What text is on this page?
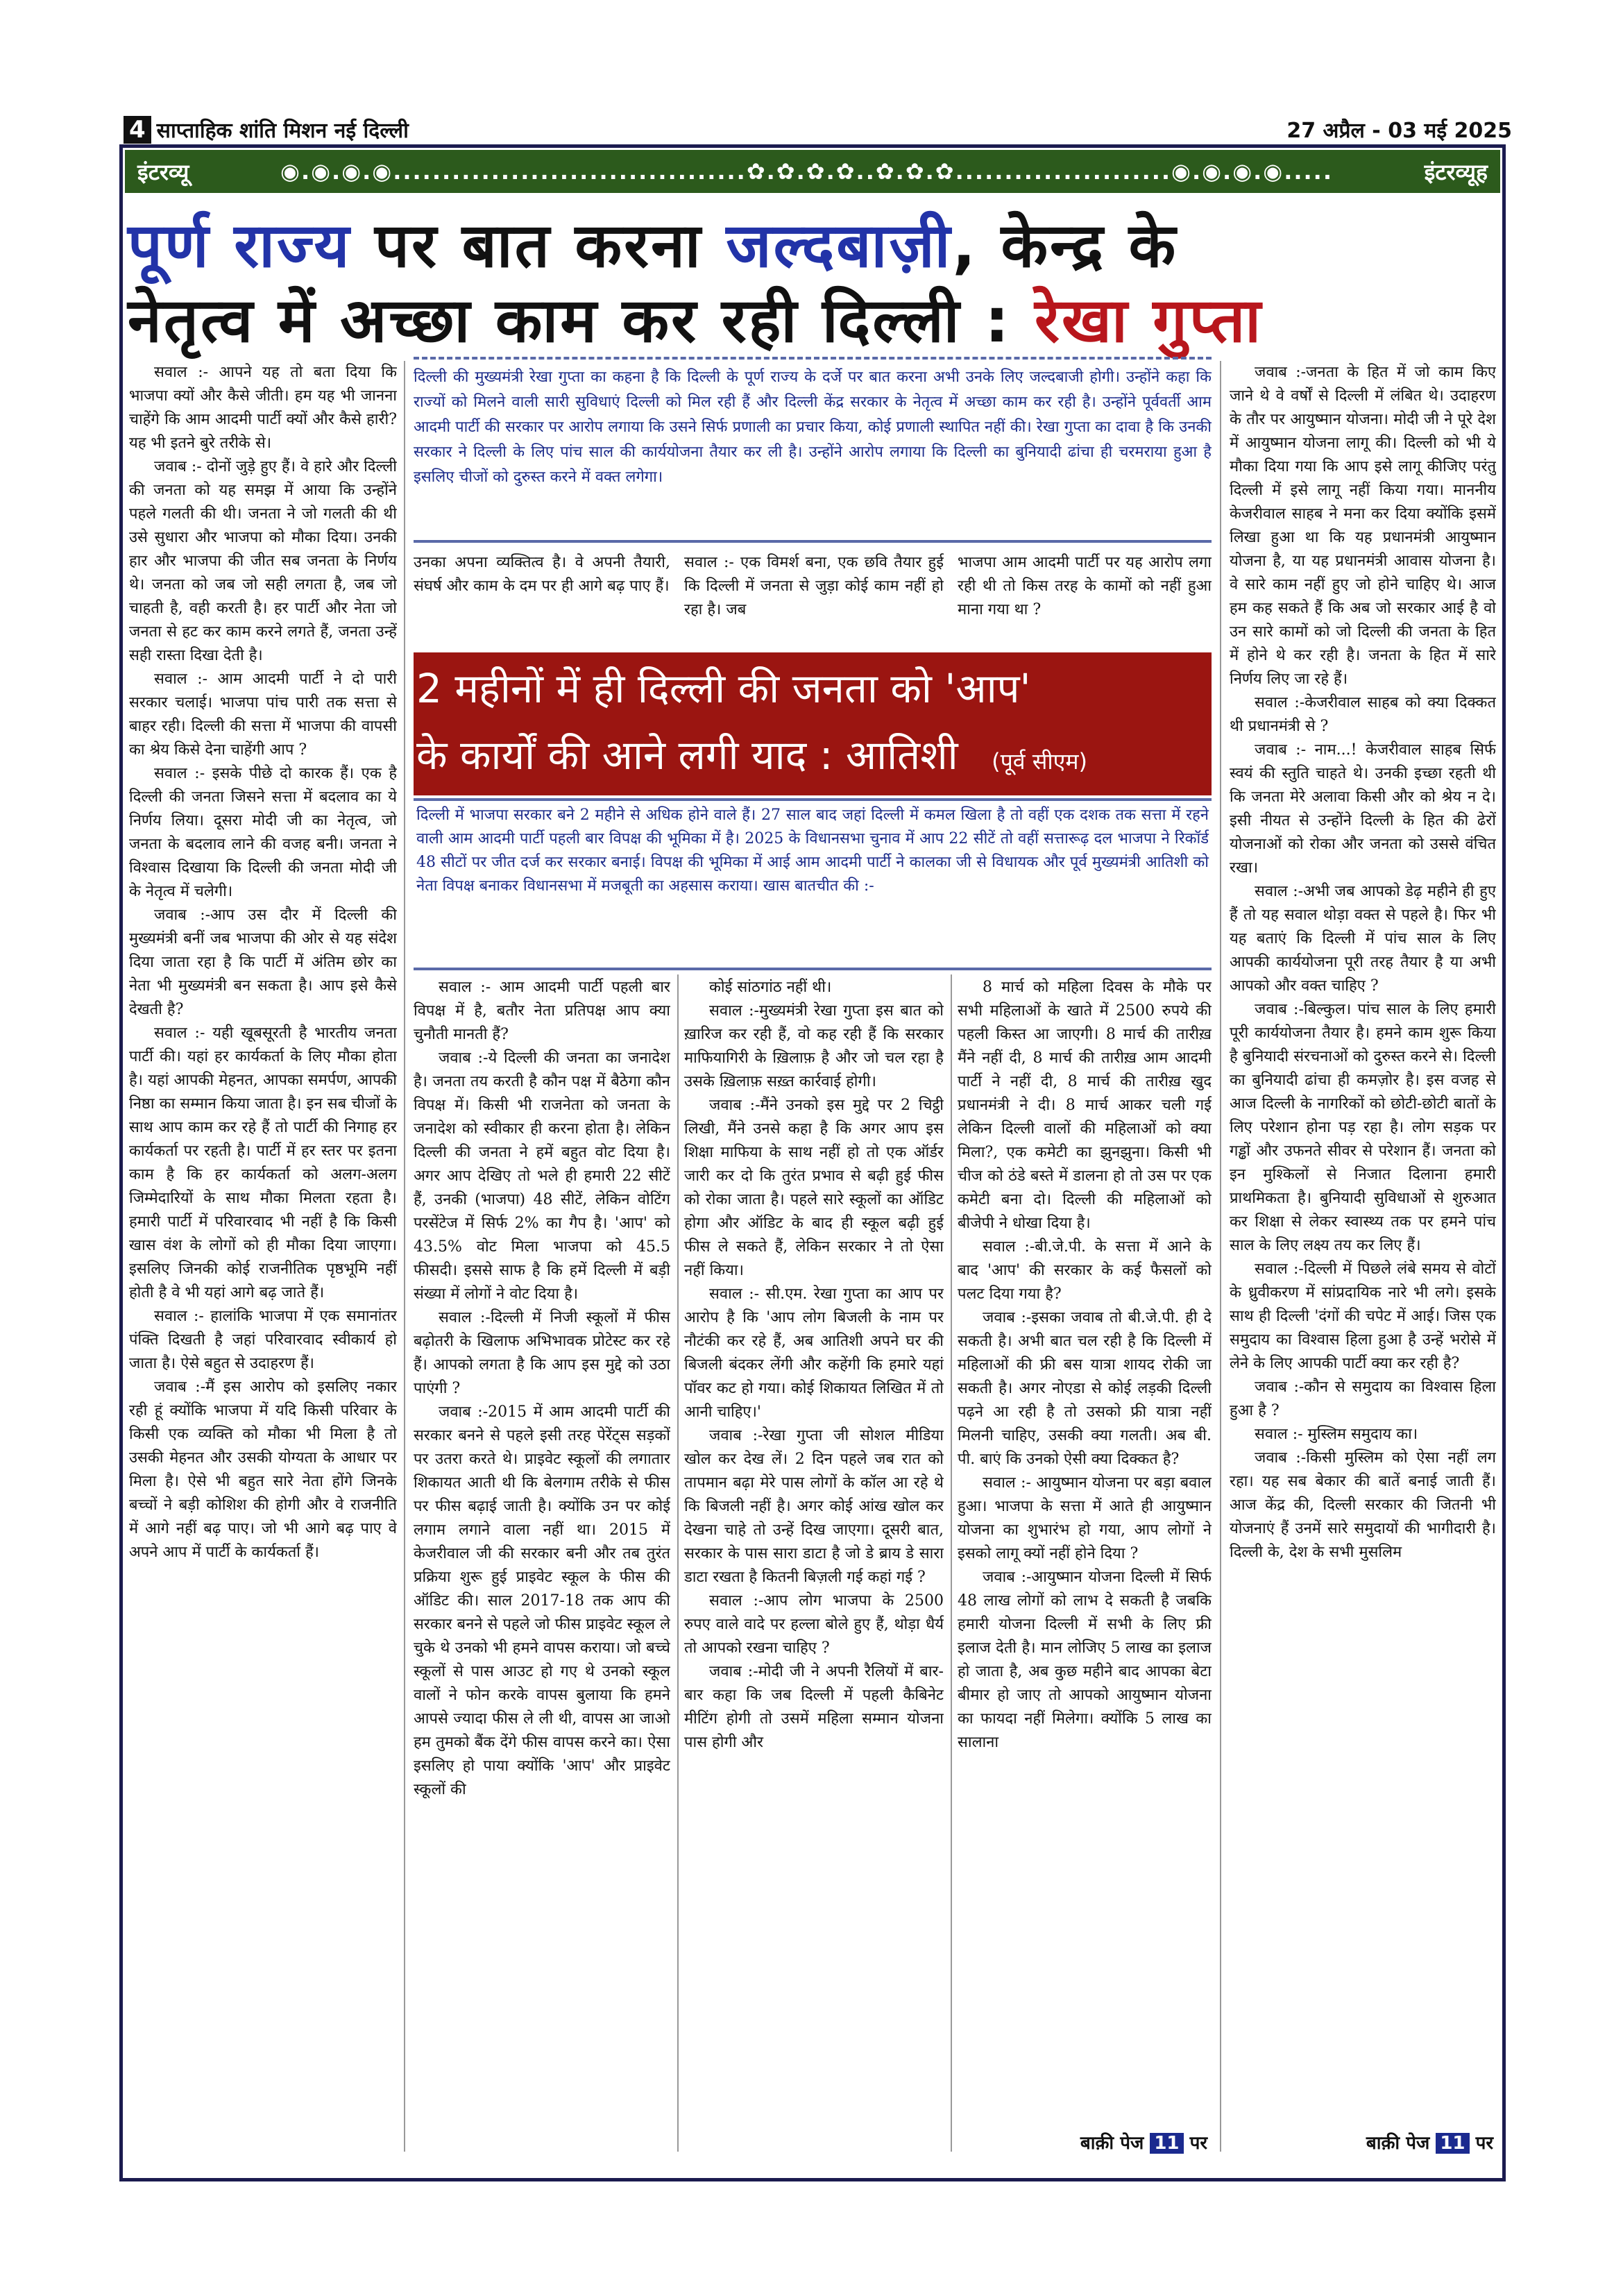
4 साप्ताहिक शांति मिशन नई दिल्ली	27 अप्रैल - 03 मई 2025
इंटरव्यू	◉.◉.◉.◉....................................✿.✿.✿.✿..✿.✿.✿......................◉.◉.◉.◉.....	इंटरव्यूह
पूर्ण राज्य पर बात करना जल्दबाज़ी, केन्द्र के
नेतृत्व में अच्छा काम कर रही दिल्ली : रेखा गुप्ता

सवाल :- आपने यह तो बता दिया कि भाजपा क्यों और कैसे जीती। हम यह भी जानना चाहेंगे कि आम आदमी पार्टी क्यों और कैसे हारी? यह भी इतने बुरे तरीके से।

जवाब :- दोनों जुड़े हुए हैं। वे हारे और दिल्ली की जनता को यह समझ में आया कि उन्होंने पहले गलती की थी। जनता ने जो गलती की थी उसे सुधारा और भाजपा को मौका दिया। उनकी हार और भाजपा की जीत सब जनता के निर्णय थे। जनता को जब जो सही लगता है, जब जो चाहती है, वही करती है। हर पार्टी और नेता जो जनता से हट कर काम करने लगते हैं, जनता उन्हें सही रास्ता दिखा देती है।

सवाल :- आम आदमी पार्टी ने दो पारी सरकार चलाई। भाजपा पांच पारी तक सत्ता से बाहर रही। दिल्ली की सत्ता में भाजपा की वापसी का श्रेय किसे देना चाहेंगी आप ?

सवाल :- इसके पीछे दो कारक हैं। एक है दिल्ली की जनता जिसने सत्ता में बदलाव का ये निर्णय लिया। दूसरा मोदी जी का नेतृत्व, जो जनता के बदलाव लाने की वजह बनी। जनता ने विश्वास दिखाया कि दिल्ली की जनता मोदी जी के नेतृत्व में चलेगी।

जवाब :-आप उस दौर में दिल्ली की मुख्यमंत्री बनीं जब भाजपा की ओर से यह संदेश दिया जाता रहा है कि पार्टी में अंतिम छोर का नेता भी मुख्यमंत्री बन सकता है। आप इसे कैसे देखती है?

सवाल :- यही खूबसूरती है भारतीय जनता पार्टी की। यहां हर कार्यकर्ता के लिए मौका होता है। यहां आपकी मेहनत, आपका समर्पण, आपकी निष्ठा का सम्मान किया जाता है। इन सब चीजों के साथ आप काम कर रहे हैं तो पार्टी की निगाह हर कार्यकर्ता पर रहती है। पार्टी में हर स्तर पर इतना काम है कि हर कार्यकर्ता को अलग-अलग जिम्मेदारियों के साथ मौका मिलता रहता है। हमारी पार्टी में परिवारवाद भी नहीं है कि किसी खास वंश के लोगों को ही मौका दिया जाएगा। इसलिए जिनकी कोई राजनीतिक पृष्ठभूमि नहीं होती है वे भी यहां आगे बढ़ जाते हैं।

सवाल :- हालांकि भाजपा में एक समानांतर पंक्ति दिखती है जहां परिवारवाद स्वीकार्य हो जाता है। ऐसे बहुत से उदाहरण हैं।

जवाब :-मैं इस आरोप को इसलिए नकार रही हूं क्योंकि भाजपा में यदि किसी परिवार के किसी एक व्यक्ति को मौका भी मिला है तो उसकी मेहनत और उसकी योग्यता के आधार पर मिला है। ऐसे भी बहुत सारे नेता होंगे जिनके बच्चों ने बड़ी कोशिश की होगी और वे राजनीति में आगे नहीं बढ़ पाए। जो भी आगे बढ़ पाए वे अपने आप में पार्टी के कार्यकर्ता हैं।

दिल्ली की मुख्यमंत्री रेखा गुप्ता का कहना है कि दिल्ली के पूर्ण राज्य के दर्जे पर बात करना अभी उनके लिए जल्दबाजी होगी। उन्होंने कहा कि राज्यों को मिलने वाली सारी सुविधाएं दिल्ली को मिल रही हैं और दिल्ली केंद्र सरकार के नेतृत्व में अच्छा काम कर रही है। उन्होंने पूर्ववर्ती आम आदमी पार्टी की सरकार पर आरोप लगाया कि उसने सिर्फ प्रणाली का प्रचार किया, कोई प्रणाली स्थापित नहीं की। रेखा गुप्ता का दावा है कि उनकी सरकार ने दिल्ली के लिए पांच साल की कार्ययोजना तैयार कर ली है। उन्होंने आरोप लगाया कि दिल्ली का बुनियादी ढांचा ही चरमराया हुआ है इसलिए चीजों को दुरुस्त करने में वक्त लगेगा।
उनका अपना व्यक्तित्व है। वे अपनी तैयारी, संघर्ष और काम के दम पर ही आगे बढ़ पाए हैं।
सवाल :- एक विमर्श बना, एक छवि तैयार हुई कि दिल्ली में जनता से जुड़ा कोई काम नहीं हो रहा है। जब
भाजपा आम आदमी पार्टी पर यह आरोप लगा रही थी तो किस तरह के कामों को नहीं हुआ माना गया था ?
2 महीनों में ही दिल्ली की जनता को 'आप'
के कार्यों की आने लगी याद : आतिशी (पूर्व सीएम)
दिल्ली में भाजपा सरकार बने 2 महीने से अधिक होने वाले हैं। 27 साल बाद जहां दिल्ली में कमल खिला है तो वहीं एक दशक तक सत्ता में रहने वाली आम आदमी पार्टी पहली बार विपक्ष की भूमिका में है। 2025 के विधानसभा चुनाव में आप 22 सीटें तो वहीं सत्तारूढ़ दल भाजपा ने रिकॉर्ड 48 सीटों पर जीत दर्ज कर सरकार बनाई। विपक्ष की भूमिका में आई आम आदमी पार्टी ने कालका जी से विधायक और पूर्व मुख्यमंत्री आतिशी को नेता विपक्ष बनाकर विधानसभा में मजबूती का अहसास कराया। खास बातचीत की :-

सवाल :- आम आदमी पार्टी पहली बार विपक्ष में है, बतौर नेता प्रतिपक्ष आप क्या चुनौती मानती हैं?

जवाब :-ये दिल्ली की जनता का जनादेश है। जनता तय करती है कौन पक्ष में बैठेगा कौन विपक्ष में। किसी भी राजनेता को जनता के जनादेश को स्वीकार ही करना होता है। लेकिन दिल्ली की जनता ने हमें बहुत वोट दिया है। अगर आप देखिए तो भले ही हमारी 22 सीटें हैं, उनकी (भाजपा) 48 सीटें, लेकिन वोटिंग परसेंटेज में सिर्फ 2% का गैप है। 'आप' को 43.5% वोट मिला भाजपा को 45.5 फीसदी। इससे साफ है कि हमें दिल्ली में बड़ी संख्या में लोगों ने वोट दिया है।

सवाल :-दिल्ली में निजी स्कूलों में फीस बढ़ोतरी के खिलाफ अभिभावक प्रोटेस्ट कर रहे हैं। आपको लगता है कि आप इस मुद्दे को उठा पाएंगी ?

जवाब :-2015 में आम आदमी पार्टी की सरकार बनने से पहले इसी तरह पेरेंट्स सड़कों पर उतरा करते थे। प्राइवेट स्कूलों की लगातार शिकायत आती थी कि बेलगाम तरीके से फीस पर फीस बढ़ाई जाती है। क्योंकि उन पर कोई लगाम लगाने वाला नहीं था। 2015 में केजरीवाल जी की सरकार बनी और तब तुरंत प्रक्रिया शुरू हुई प्राइवेट स्कूल के फीस की ऑडिट की। साल 2017-18 तक आप की सरकार बनने से पहले जो फीस प्राइवेट स्कूल ले चुके थे उनको भी हमने वापस कराया। जो बच्चे स्कूलों से पास आउट हो गए थे उनको स्कूल वालों ने फोन करके वापस बुलाया कि हमने आपसे ज्यादा फीस ले ली थी, वापस आ जाओ हम तुमको बैंक देंगे फीस वापस करने का। ऐसा इसलिए हो पाया क्योंकि 'आप' और प्राइवेट स्कूलों की

कोई सांठगांठ नहीं थी।

सवाल :-मुख्यमंत्री रेखा गुप्ता इस बात को ख़ारिज कर रही हैं, वो कह रही हैं कि सरकार माफियागिरी के ख़िलाफ़ है और जो चल रहा है उसके ख़िलाफ़ सख़्त कार्रवाई होगी।

जवाब :-मैंने उनको इस मुद्दे पर 2 चिट्ठी लिखी, मैंने उनसे कहा है कि अगर आप इस शिक्षा माफिया के साथ नहीं हो तो एक ऑर्डर जारी कर दो कि तुरंत प्रभाव से बढ़ी हुई फीस को रोका जाता है। पहले सारे स्कूलों का ऑडिट होगा और ऑडिट के बाद ही स्कूल बढ़ी हुई फीस ले सकते हैं, लेकिन सरकार ने तो ऐसा नहीं किया।

सवाल :- सी.एम. रेखा गुप्ता का आप पर आरोप है कि 'आप लोग बिजली के नाम पर नौटंकी कर रहे हैं, अब आतिशी अपने घर की बिजली बंदकर लेंगी और कहेंगी कि हमारे यहां पॉवर कट हो गया। कोई शिकायत लिखित में तो आनी चाहिए।'

जवाब :-रेखा गुप्ता जी सोशल मीडिया खोल कर देख लें। 2 दिन पहले जब रात को तापमान बढ़ा मेरे पास लोगों के कॉल आ रहे थे कि बिजली नहीं है। अगर कोई आंख खोल कर देखना चाहे तो उन्हें दिख जाएगा। दूसरी बात, सरकार के पास सारा डाटा है जो डे ब्राय डे सारा डाटा रखता है कितनी बिज़ली गई कहां गई ?

सवाल :-आप लोग भाजपा के 2500 रुपए वाले वादे पर हल्ला बोले हुए हैं, थोड़ा धैर्य तो आपको रखना चाहिए ?

जवाब :-मोदी जी ने अपनी रैलियों में बार-बार कहा कि जब दिल्ली में पहली कैबिनेट मीटिंग होगी तो उसमें महिला सम्मान योजना पास होगी और

8 मार्च को महिला दिवस के मौके पर सभी महिलाओं के खाते में 2500 रुपये की पहली किस्त आ जाएगी। 8 मार्च की तारीख़ मैंने नहीं दी, 8 मार्च की तारीख़ आम आदमी पार्टी ने नहीं दी, 8 मार्च की तारीख़ खुद प्रधानमंत्री ने दी। 8 मार्च आकर चली गई लेकिन दिल्ली वालों की महिलाओं को क्या मिला?, एक कमेटी का झुनझुना। किसी भी चीज को ठंडे बस्ते में डालना हो तो उस पर एक कमेटी बना दो। दिल्ली की महिलाओं को बीजेपी ने धोखा दिया है।

सवाल :-बी.जे.पी. के सत्ता में आने के बाद 'आप' की सरकार के कई फैसलों को पलट दिया गया है?

जवाब :-इसका जवाब तो बी.जे.पी. ही दे सकती है। अभी बात चल रही है कि दिल्ली में महिलाओं की फ्री बस यात्रा शायद रोकी जा सकती है। अगर नोएडा से कोई लड़की दिल्ली पढ़ने आ रही है तो उसको फ्री यात्रा नहीं मिलनी चाहिए, उसकी क्या गलती। अब बी. पी. बाएं कि उनको ऐसी क्या दिक्कत है?

सवाल :- आयुष्मान योजना पर बड़ा बवाल हुआ। भाजपा के सत्ता में आते ही आयुष्मान योजना का शुभारंभ हो गया, आप लोगों ने इसको लागू क्यों नहीं होने दिया ?

जवाब :-आयुष्मान योजना दिल्ली में सिर्फ 48 लाख लोगों को लाभ दे सकती है जबकि हमारी योजना दिल्ली में सभी के लिए फ्री इलाज देती है। मान लोजिए 5 लाख का इलाज हो जाता है, अब कुछ महीने बाद आपका बेटा बीमार हो जाए तो आपको आयुष्मान योजना का फायदा नहीं मिलेगा। क्योंकि 5 लाख का सालाना

बाक़ी पेज 11 पर

जवाब :-जनता के हित में जो काम किए जाने थे वे वर्षों से दिल्ली में लंबित थे। उदाहरण के तौर पर आयुष्मान योजना। मोदी जी ने पूरे देश में आयुष्मान योजना लागू की। दिल्ली को भी ये मौका दिया गया कि आप इसे लागू कीजिए परंतु दिल्ली में इसे लागू नहीं किया गया। माननीय केजरीवाल साहब ने मना कर दिया क्योंकि इसमें लिखा हुआ था कि यह प्रधानमंत्री आयुष्मान योजना है, या यह प्रधानमंत्री आवास योजना है। वे सारे काम नहीं हुए जो होने चाहिए थे। आज हम कह सकते हैं कि अब जो सरकार आई है वो उन सारे कामों को जो दिल्ली की जनता के हित में होने थे कर रही है। जनता के हित में सारे निर्णय लिए जा रहे हैं।

सवाल :-केजरीवाल साहब को क्या दिक्कत थी प्रधानमंत्री से ?

जवाब :- नाम...! केजरीवाल साहब सिर्फ स्वयं की स्तुति चाहते थे। उनकी इच्छा रहती थी कि जनता मेरे अलावा किसी और को श्रेय न दे। इसी नीयत से उन्होंने दिल्ली के हित की ढेरों योजनाओं को रोका और जनता को उससे वंचित रखा।

सवाल :-अभी जब आपको डेढ़ महीने ही हुए हैं तो यह सवाल थोड़ा वक्त से पहले है। फिर भी यह बताएं कि दिल्ली में पांच साल के लिए आपकी कार्ययोजना पूरी तरह तैयार है या अभी आपको और वक्त चाहिए ?

जवाब :-बिल्कुल। पांच साल के लिए हमारी पूरी कार्ययोजना तैयार है। हमने काम शुरू किया है बुनियादी संरचनाओं को दुरुस्त करने से। दिल्ली का बुनियादी ढांचा ही कमज़ोर है। इस वजह से आज दिल्ली के नागरिकों को छोटी-छोटी बातों के लिए परेशान होना पड़ रहा है। लोग सड़क पर गड्ढों और उफनते सीवर से परेशान हैं। जनता को इन मुश्किलों से निजात दिलाना हमारी प्राथमिकता है। बुनियादी सुविधाओं से शुरुआत कर शिक्षा से लेकर स्वास्थ्य तक पर हमने पांच साल के लिए लक्ष्य तय कर लिए हैं।

सवाल :-दिल्ली में पिछले लंबे समय से वोटों के ध्रुवीकरण में सांप्रदायिक नारे भी लगे। इसके साथ ही दिल्ली 'दंगों की चपेट में आई। जिस एक समुदाय का विश्वास हिला हुआ है उन्हें भरोसे में लेने के लिए आपकी पार्टी क्या कर रही है?

जवाब :-कौन से समुदाय का विश्वास हिला हुआ है ?

सवाल :- मुस्लिम समुदाय का।

जवाब :-किसी मुस्लिम को ऐसा नहीं लग रहा। यह सब बेकार की बातें बनाई जाती हैं। आज केंद्र की, दिल्ली सरकार की जितनी भी योजनाएं हैं उनमें सारे समुदायों की भागीदारी है। दिल्ली के, देश के सभी मुसलिम

बाक़ी पेज 11 पर
